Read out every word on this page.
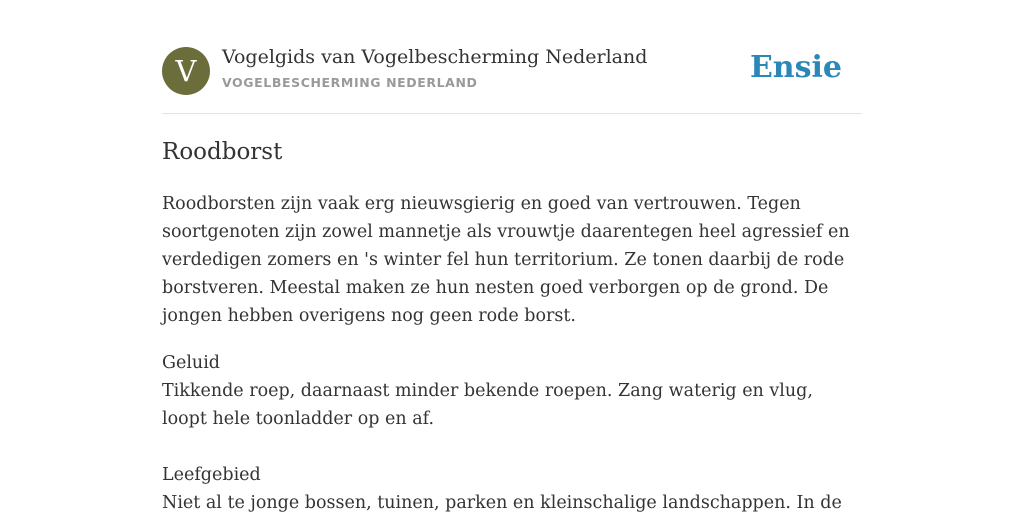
V	Vogelgids van Vogelbescherming Nederland
VOGELBESCHERMING NEDERLAND	Ensie
Roodborst

Roodborsten zijn vaak erg nieuwsgierig en goed van vertrouwen. Tegen soortgenoten zijn zowel mannetje als vrouwtje daarentegen heel agressief en verdedigen zomers en 's winter fel hun territorium. Ze tonen daarbij de rode borstveren. Meestal maken ze hun nesten goed verborgen op de grond. De jongen hebben overigens nog geen rode borst.

Geluid

Tikkende roep, daarnaast minder bekende roepen. Zang waterig en vlug, loopt hele toonladder op en af.

Leefgebied

Niet al te jonge bossen, tuinen, parken en kleinschalige landschappen. In de
